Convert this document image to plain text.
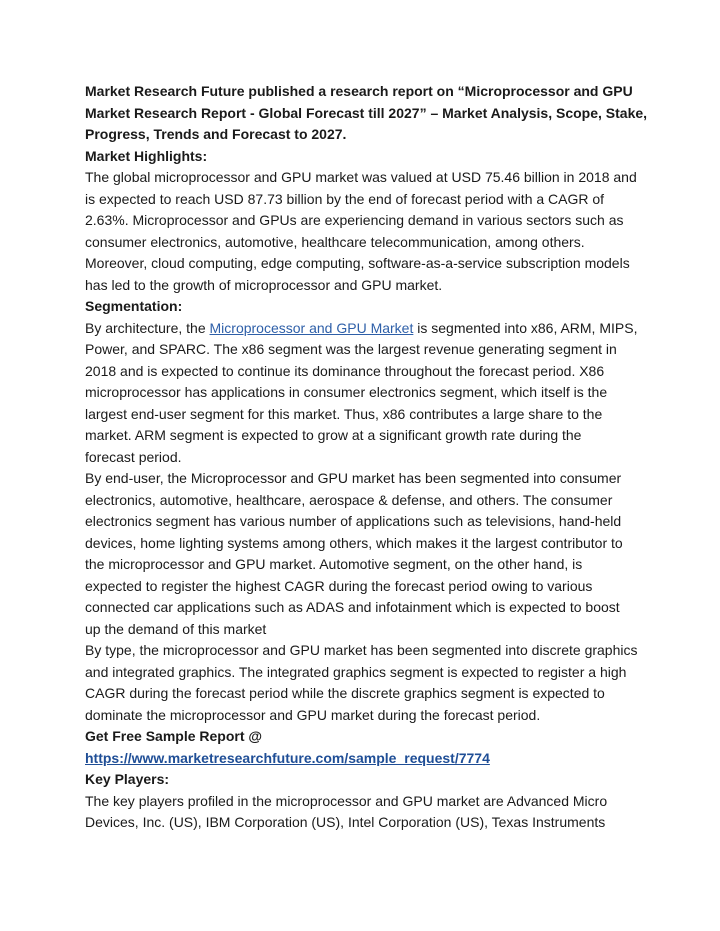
Market Research Future published a research report on “Microprocessor and GPU
Market Research Report - Global Forecast till 2027” – Market Analysis, Scope, Stake,
Progress, Trends and Forecast to 2027.
Market Highlights:
The global microprocessor and GPU market was valued at USD 75.46 billion in 2018 and
is expected to reach USD 87.73 billion by the end of forecast period with a CAGR of
2.63%. Microprocessor and GPUs are experiencing demand in various sectors such as
consumer electronics, automotive, healthcare telecommunication, among others.
Moreover, cloud computing, edge computing, software-as-a-service subscription models
has led to the growth of microprocessor and GPU market.
Segmentation:
By architecture, the Microprocessor and GPU Market is segmented into x86, ARM, MIPS,
Power, and SPARC. The x86 segment was the largest revenue generating segment in
2018 and is expected to continue its dominance throughout the forecast period. X86
microprocessor has applications in consumer electronics segment, which itself is the
largest end-user segment for this market. Thus, x86 contributes a large share to the
market. ARM segment is expected to grow at a significant growth rate during the
forecast period.
By end-user, the Microprocessor and GPU market has been segmented into consumer
electronics, automotive, healthcare, aerospace & defense, and others. The consumer
electronics segment has various number of applications such as televisions, hand-held
devices, home lighting systems among others, which makes it the largest contributor to
the microprocessor and GPU market. Automotive segment, on the other hand, is
expected to register the highest CAGR during the forecast period owing to various
connected car applications such as ADAS and infotainment which is expected to boost
up the demand of this market
By type, the microprocessor and GPU market has been segmented into discrete graphics
and integrated graphics. The integrated graphics segment is expected to register a high
CAGR during the forecast period while the discrete graphics segment is expected to
dominate the microprocessor and GPU market during the forecast period.
Get Free Sample Report @
https://www.marketresearchfuture.com/sample_request/7774
Key Players:
The key players profiled in the microprocessor and GPU market are Advanced Micro
Devices, Inc. (US), IBM Corporation (US), Intel Corporation (US), Texas Instruments
